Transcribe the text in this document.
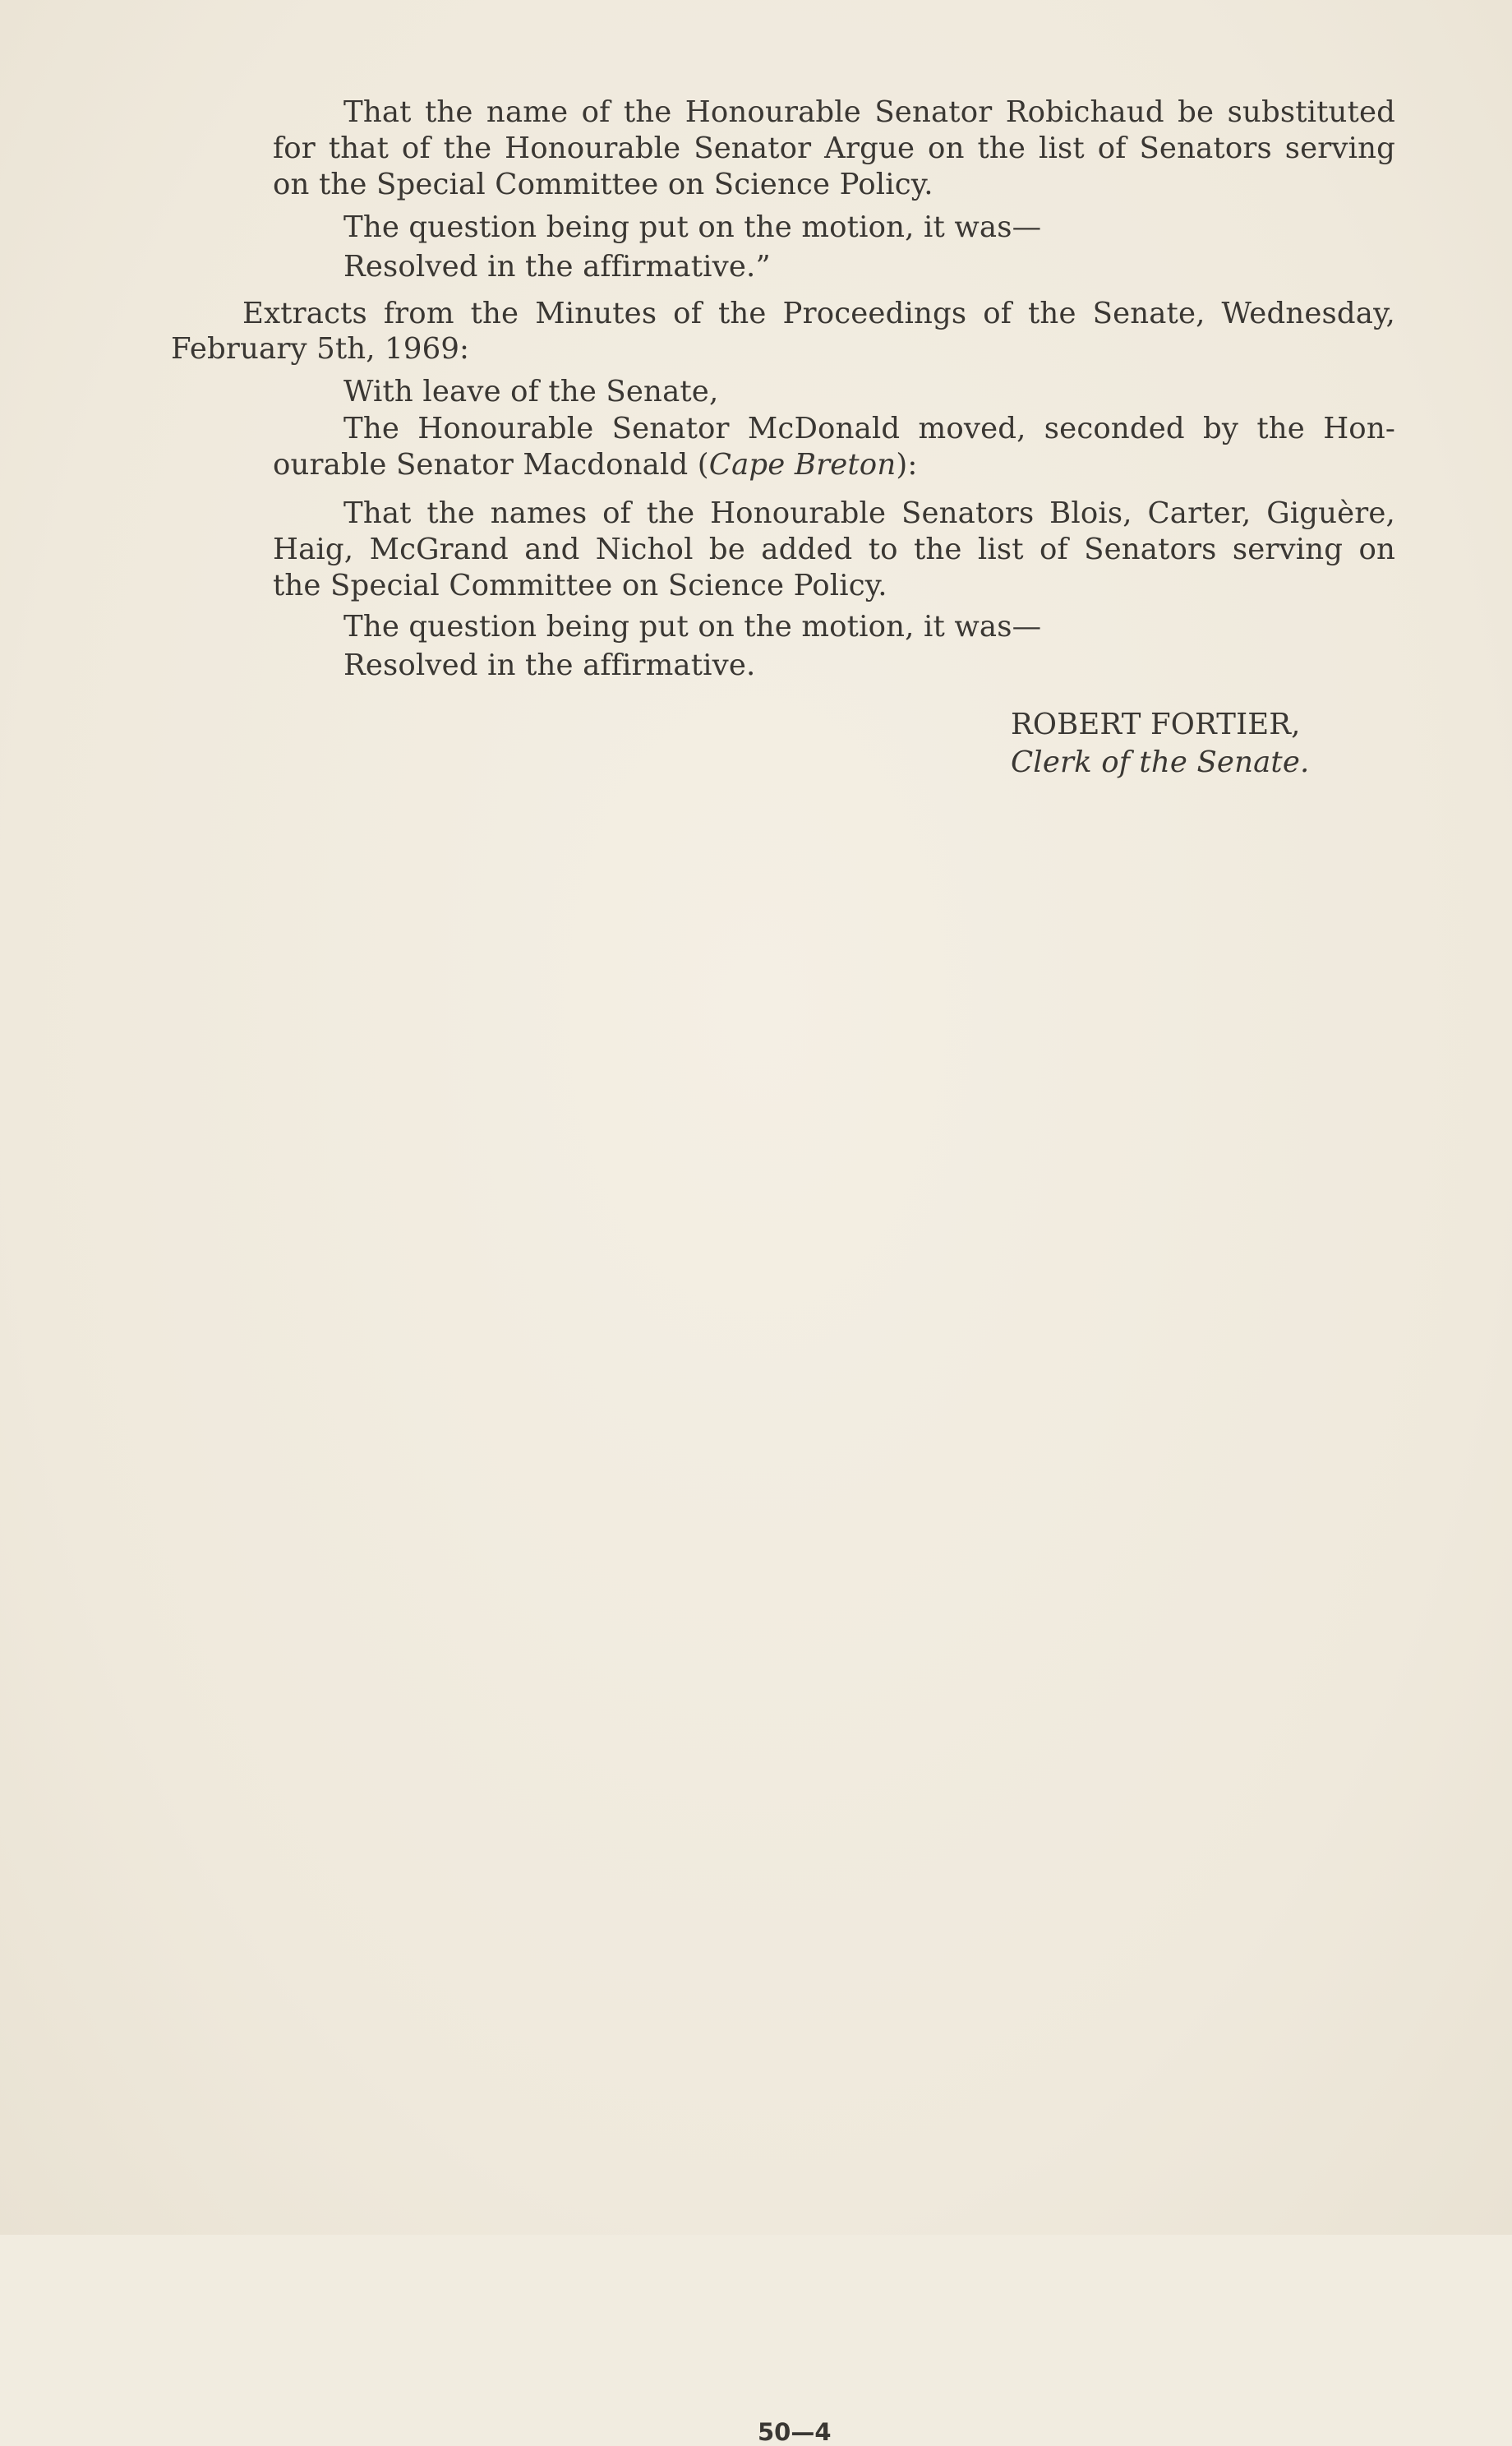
That the name of the Honourable Senator Robichaud be substituted
for that of the Honourable Senator Argue on the list of Senators serving
on the Special Committee on Science Policy.
The question being put on the motion, it was—
Resolved in the affirmative.”
Extracts from the Minutes of the Proceedings of the Senate, Wednesday,
February 5th, 1969:
With leave of the Senate,
The Honourable Senator McDonald moved, seconded by the Hon-
ourable Senator Macdonald (Cape Breton):
That the names of the Honourable Senators Blois, Carter, Giguère,
Haig, McGrand and Nichol be added to the list of Senators serving on
the Special Committee on Science Policy.
The question being put on the motion, it was—
Resolved in the affirmative.
ROBERT FORTIER,
Clerk of the Senate.
50—4
